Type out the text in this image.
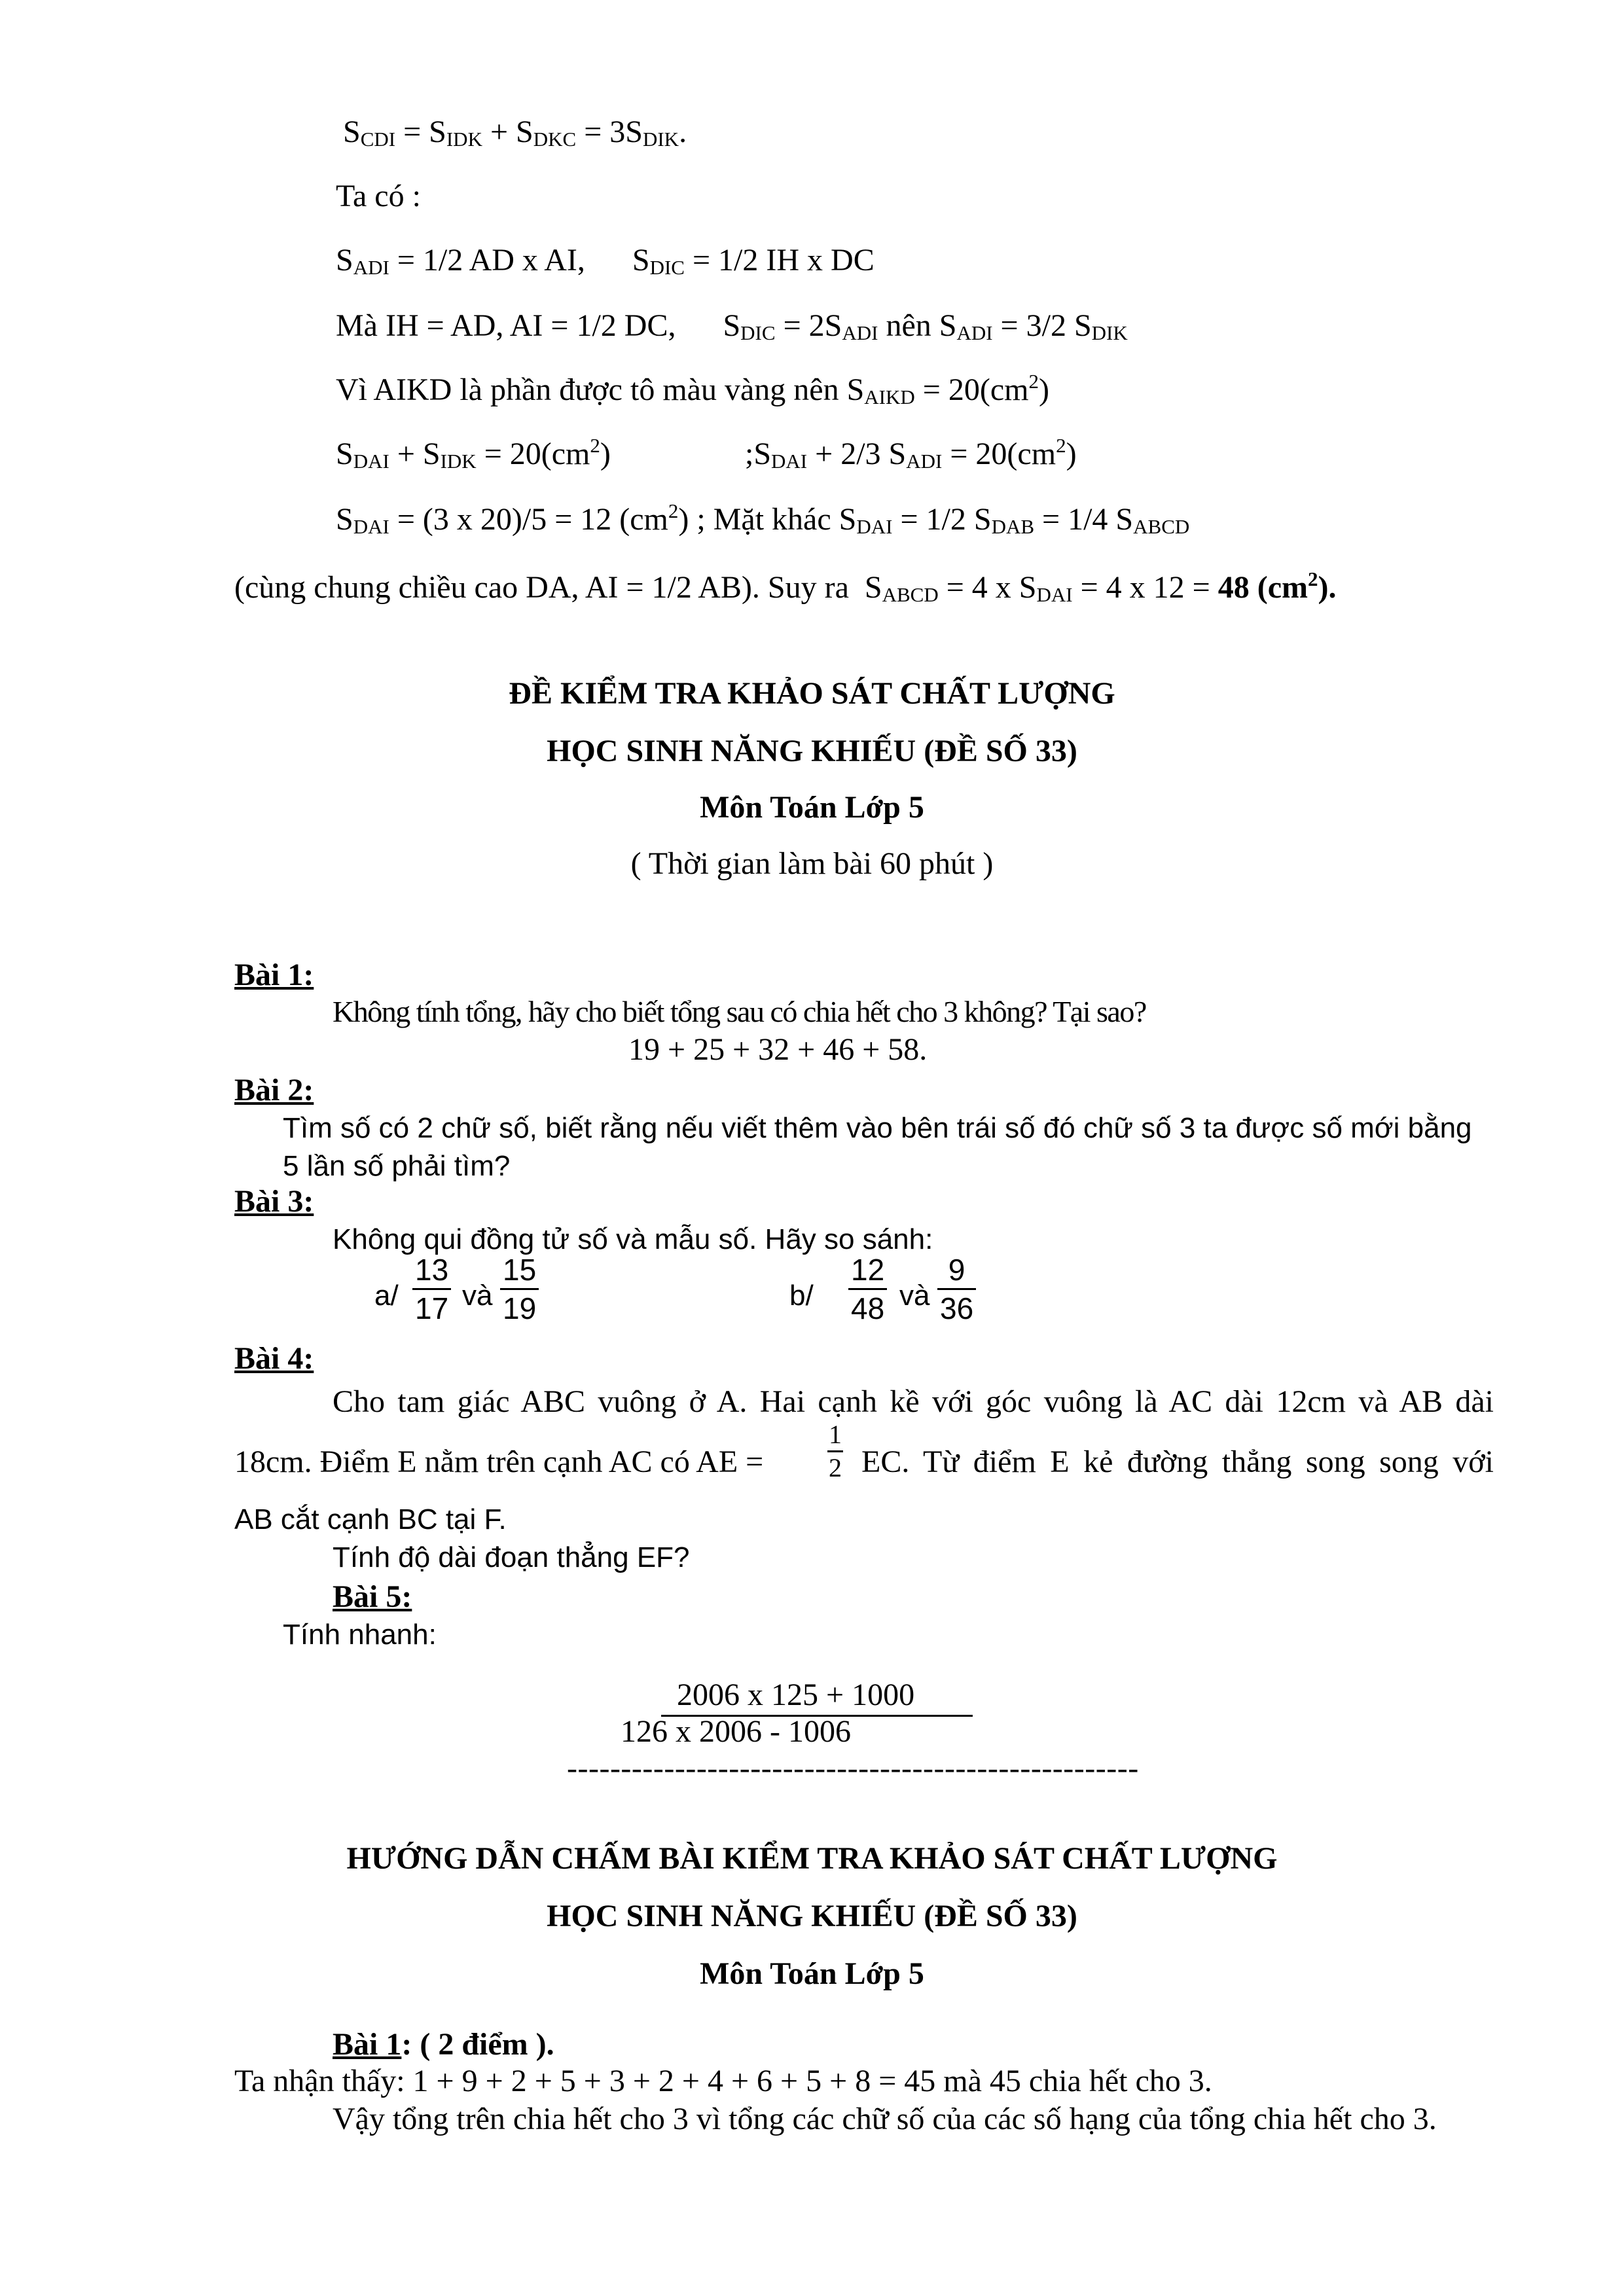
SCDI = SIDK + SDKC = 3SDIK.
Ta có :
SADI = 1/2 AD x AI,      SDIC = 1/2 IH x DC
Mà IH = AD, AI = 1/2 DC,      SDIC = 2SADI nên SADI = 3/2 SDIK
Vì AIKD là phần được tô màu vàng nên SAIKD = $20(cm^2)$
SDAI + SIDK = $20(cm^2)$	;SDAI + 2/3 SADI = $20(cm^2)$
SDAI = (3 x 20)/5 = 12 $(cm^2)$ ; Mặt khác SDAI = 1/2 SDAB = 1/4 SABCD
(cùng chung chiều cao DA, AI = 1/2 AB). Suy ra  SABCD = 4 x SDAI = 4 x 12 = 48 $(cm^2)$.
ĐỀ KIỂM TRA KHẢO SÁT CHẤT LƯỢNG
HỌC SINH NĂNG KHIẾU (ĐỀ SỐ 33)
Môn Toán Lớp 5
( Thời gian làm bài 60 phút )
Bài 1:
Không tính tổng, hãy cho biết tổng sau có chia hết cho 3 không? Tại sao?
19 + 25 + 32 + 46 + 58.
Bài 2:
Tìm số có 2 chữ số, biết rằng nếu viết thêm vào bên trái số đó chữ số 3 ta được số mới bằng
5 lần số phải tìm?
Bài 3:
Không qui đồng tử số và mẫu số. Hãy so sánh:
$a/ \frac{13}{17}$ và $\frac{15}{19}$	$b/ \frac{12}{48}$ và $\frac{9}{36}$
Bài 4:
Cho tam giác ABC vuông ở A. Hai cạnh kề với góc vuông là AC dài 12cm và AB dài
18cm. Điểm E nằm trên cạnh AC có AE = $\frac{1}{2}$ EC. Từ điểm E kẻ đường thẳng song song với
AB cắt cạnh BC tại F.
Tính độ dài đoạn thẳng EF?
Bài 5:
Tính nhanh:
2006 x 125 + 1000
126 x 2006 - 1006
-----------------------------------------------------
HƯỚNG DẪN CHẤM BÀI KIỂM TRA KHẢO SÁT CHẤT LƯỢNG
HỌC SINH NĂNG KHIẾU (ĐỀ SỐ 33)
Môn Toán Lớp 5
Bài 1: ( 2 điểm ).
Ta nhận thấy: 1 + 9 + 2 + 5 + 3 + 2 + 4 + 6 + 5 + 8 = 45 mà 45 chia hết cho 3.
Vậy tổng trên chia hết cho 3 vì tổng các chữ số của các số hạng của tổng chia hết cho 3.
